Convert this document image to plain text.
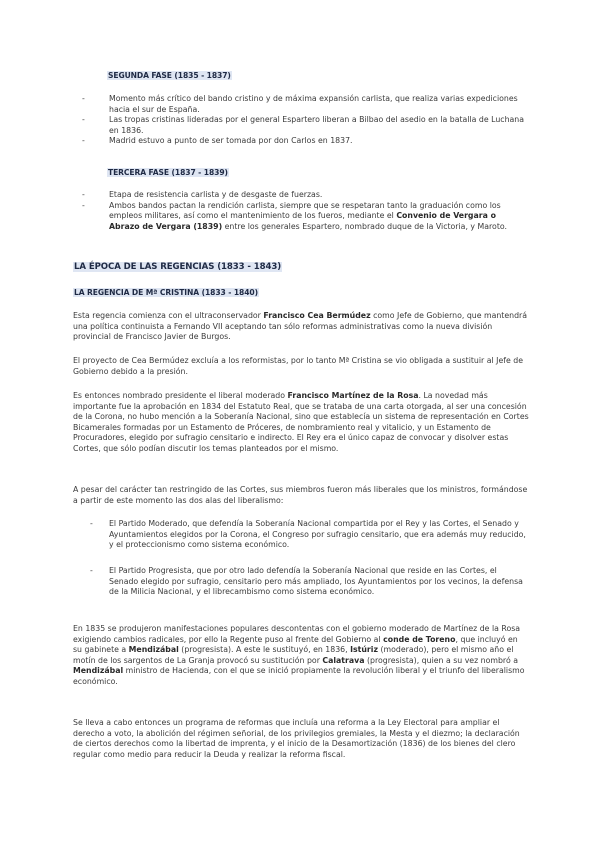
SEGUNDA FASE (1835 - 1837)
-	Momento más crítico del bando cristino y de máxima expansión carlista, que realiza varias expediciones hacia el sur de España.
-	Las tropas cristinas lideradas por el general Espartero liberan a Bilbao del asedio en la batalla de Luchana en 1836.
-	Madrid estuvo a punto de ser tomada por don Carlos en 1837.
TERCERA FASE (1837 - 1839)
-	Etapa de resistencia carlista y de desgaste de fuerzas.
-	Ambos bandos pactan la rendición carlista, siempre que se respetaran tanto la graduación como los empleos militares, así como el mantenimiento de los fueros, mediante el Convenio de Vergara o Abrazo de Vergara (1839) entre los generales Espartero, nombrado duque de la Victoria, y Maroto.
LA ÉPOCA DE LAS REGENCIAS (1833 - 1843)
LA REGENCIA DE Mª CRISTINA (1833 - 1840)

Esta regencia comienza con el ultraconservador Francisco Cea Bermúdez como Jefe de Gobierno, que mantendrá una política continuista a Fernando VII aceptando tan sólo reformas administrativas como la nueva división provincial de Francisco Javier de Burgos.

El proyecto de Cea Bermúdez excluía a los reformistas, por lo tanto Mª Cristina se vio obligada a sustituir al Jefe de Gobierno debido a la presión.

Es entonces nombrado presidente el liberal moderado Francisco Martínez de la Rosa. La novedad más importante fue la aprobación en 1834 del Estatuto Real, que se trataba de una carta otorgada, al ser una concesión de la Corona, no hubo mención a la Soberanía Nacional, sino que establecía un sistema de representación en Cortes Bicamerales formadas por un Estamento de Próceres, de nombramiento real y vitalicio, y un Estamento de Procuradores, elegido por sufragio censitario e indirecto. El Rey era el único capaz de convocar y disolver estas Cortes, que sólo podían discutir los temas planteados por el mismo.

A pesar del carácter tan restringido de las Cortes, sus miembros fueron más liberales que los ministros, formándose a partir de este momento las dos alas del liberalismo:

- El Partido Moderado, que defendía la Soberanía Nacional compartida por el Rey y las Cortes, el Senado y Ayuntamientos elegidos por la Corona, el Congreso por sufragio censitario, que era además muy reducido, y el proteccionismo como sistema económico.
- El Partido Progresista, que por otro lado defendía la Soberanía Nacional que reside en las Cortes, el Senado elegido por sufragio, censitario pero más ampliado, los Ayuntamientos por los vecinos, la defensa de la Milicia Nacional, y el librecambismo como sistema económico.

En 1835 se produjeron manifestaciones populares descontentas con el gobierno moderado de Martínez de la Rosa exigiendo cambios radicales, por ello la Regente puso al frente del Gobierno al conde de Toreno, que incluyó en su gabinete a Mendizábal (progresista). A este le sustituyó, en 1836, Istúriz (moderado), pero el mismo año el motín de los sargentos de La Granja provocó su sustitución por Calatrava (progresista), quien a su vez nombró a Mendizábal ministro de Hacienda, con el que se inició propiamente la revolución liberal y el triunfo del liberalismo económico.

Se lleva a cabo entonces un programa de reformas que incluía una reforma a la Ley Electoral para ampliar el derecho a voto, la abolición del régimen señorial, de los privilegios gremiales, la Mesta y el diezmo; la declaración de ciertos derechos como la libertad de imprenta, y el inicio de la Desamortización (1836) de los bienes del clero regular como medio para reducir la Deuda y realizar la reforma fiscal.
